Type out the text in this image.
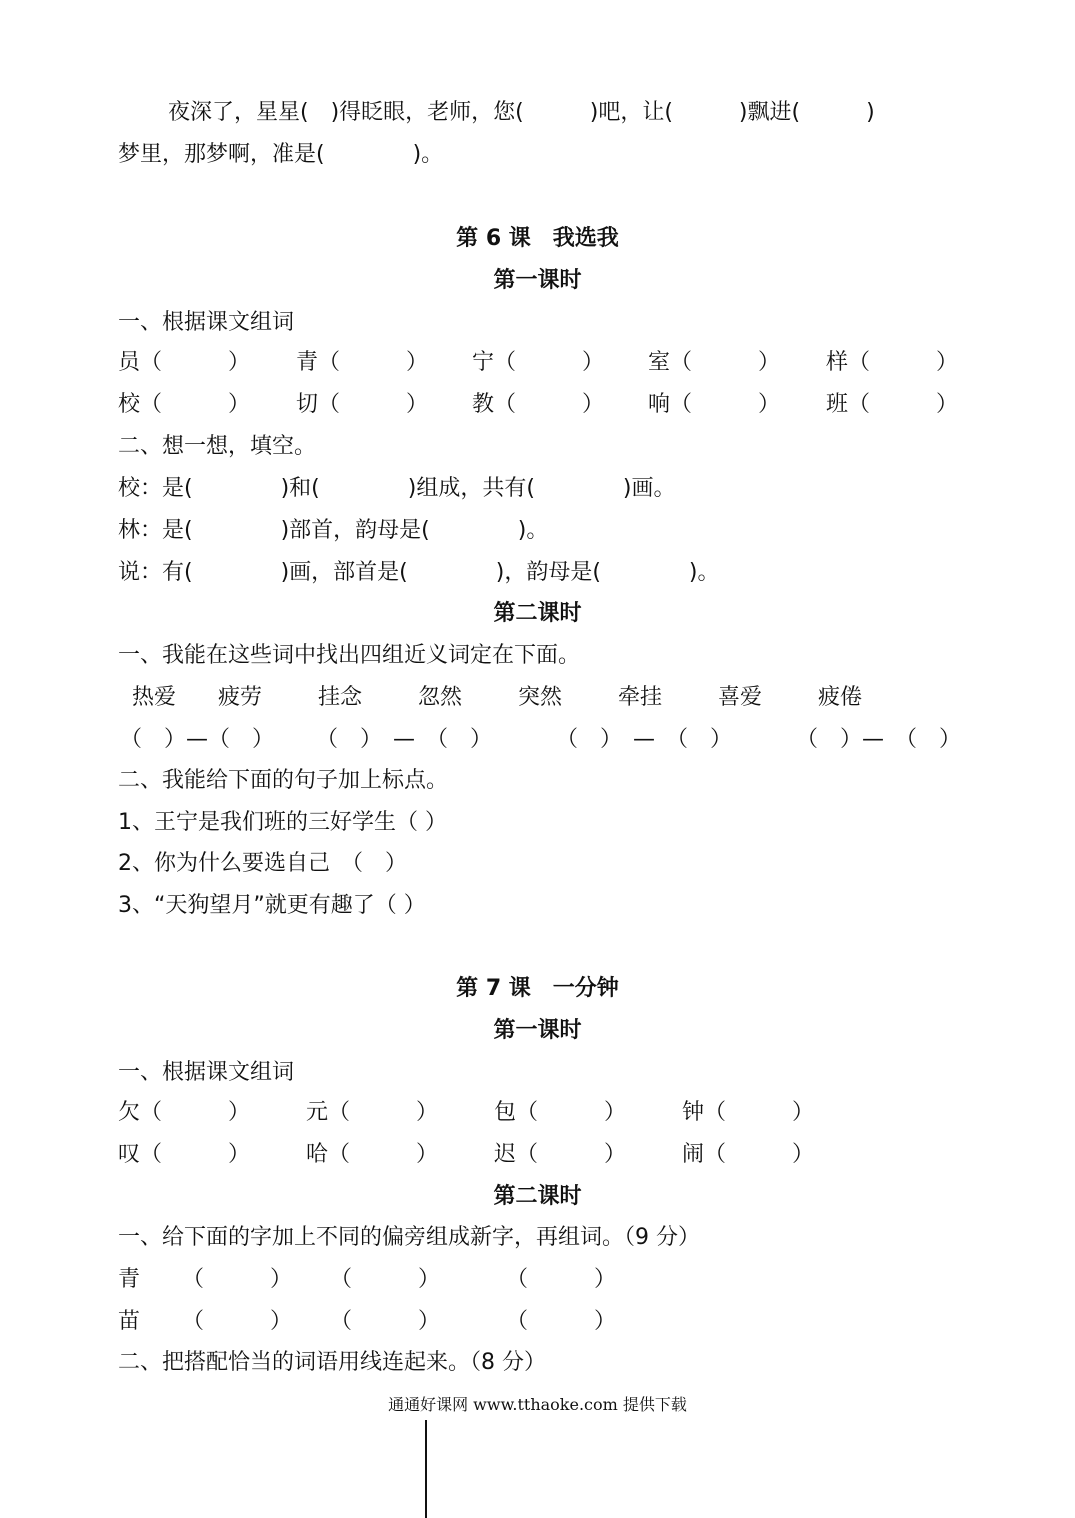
夜深了，星星(　)得眨眼，老师，您(　　　)吧，让(　　　)飘进(　　　)
梦里，那梦啊，准是(　　　　)。
第 6 课　我选我
第一课时
一、根据课文组词
员（　　　） 青（　　　） 宁（　　　） 室（　　　） 样（　　　）
校（　　　） 切（　　　） 教（　　　） 响（　　　） 班（　　　）
二、想一想，填空。
校：是(　　　　)和(　　　　)组成，共有(　　　　)画。
林：是(　　　　)部首，韵母是(　　　　)。
说：有(　　　　)画，部首是(　　　　)，韵母是(　　　　)。
第二课时
一、我能在这些词中找出四组近义词定在下面。
热爱 疲劳	挂念	忽然	突然	牵挂	喜爱	疲倦
（　）—（　） （　）　—　（　）	（　）　—　（　）	（　）—　（　）
二、我能给下面的句子加上标点。
1、王宁是我们班的三好学生（ ）
2、你为什么要选自己　（　）
3、“天狗望月”就更有趣了（ ）
第 7 课　一分钟
第一课时
一、根据课文组词
欠（　　　）	元（　　　）	包（　　　）	钟（　　　）
叹（　　　）	哈（　　　）	迟（　　　）	闹（　　　）
第二课时
一、给下面的字加上不同的偏旁组成新字，再组词。（9 分）
青 （　　　） （　　　）	（　　　）
苗 （　　　） （　　　）	（　　　）
二、把搭配恰当的词语用线连起来。（8 分）
通通好课网 www.tthaoke.com 提供下载
